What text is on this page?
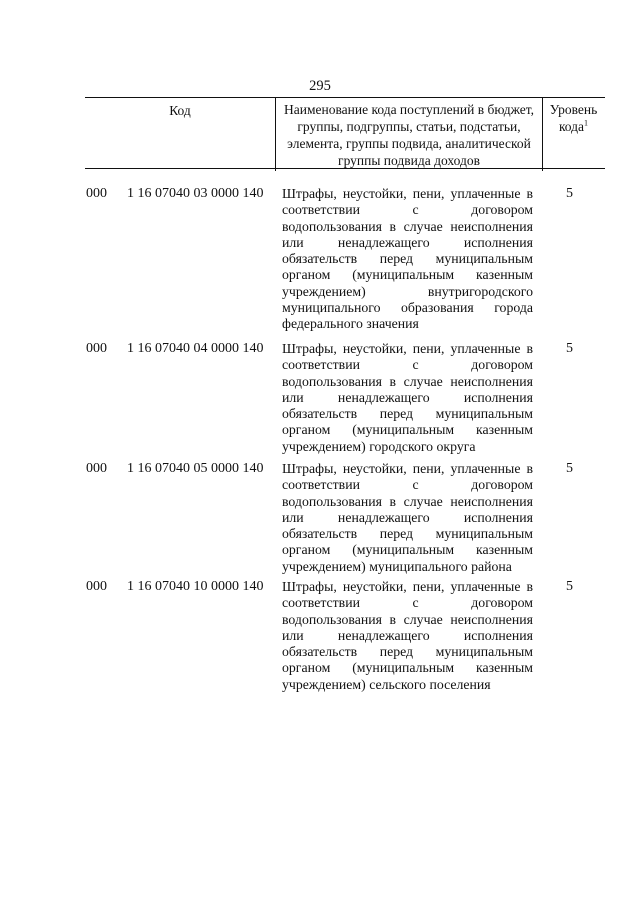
295
Код	Наименование кода поступлений в бюджет, группы, подгруппы, статьи, подстатьи, элемента, группы подвида, аналитической группы подвида доходов
Уровень кода$^1$
000 1 16 07040 03 0000 140 Штрафы, неустойки, пени, уплаченные в соответствии с договором водопользования в случае неисполнения или ненадлежащего исполнения обязательств перед муниципальным органом (муниципальным казенным учреждением) внутригородского муниципального образования города федерального значения
5
000 1 16 07040 04 0000 140 Штрафы, неустойки, пени, уплаченные в соответствии с договором водопользования в случае неисполнения или ненадлежащего исполнения обязательств перед муниципальным органом (муниципальным казенным учреждением) городского округа
5
000 1 16 07040 05 0000 140 Штрафы, неустойки, пени, уплаченные в соответствии с договором водопользования в случае неисполнения или ненадлежащего исполнения обязательств перед муниципальным органом (муниципальным казенным учреждением) муниципального района
5
000 1 16 07040 10 0000 140 Штрафы, неустойки, пени, уплаченные в соответствии с договором водопользования в случае неисполнения или ненадлежащего исполнения обязательств перед муниципальным органом (муниципальным казенным учреждением) сельского поселения
5
